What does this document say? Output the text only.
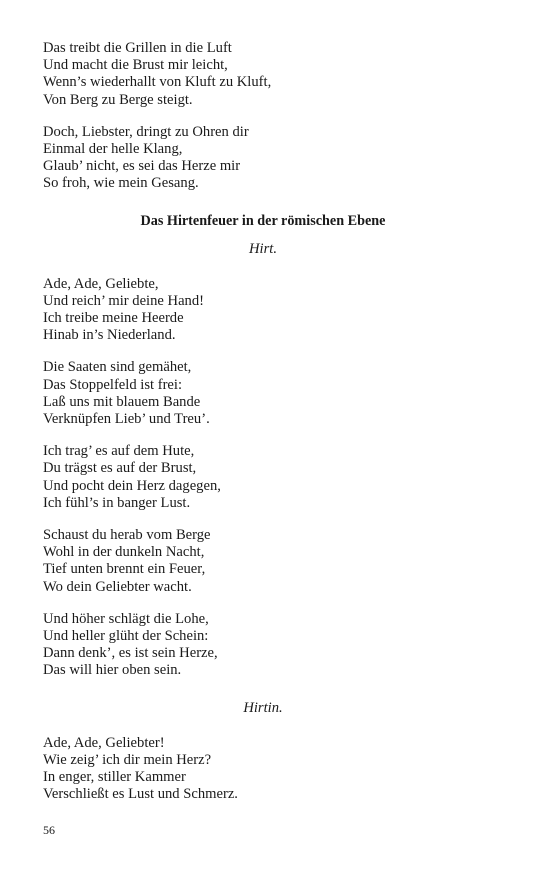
Das treibt die Grillen in die Luft
Und macht die Brust mir leicht,
Wenn’s wiederhallt von Kluft zu Kluft,
Von Berg zu Berge steigt.
Doch, Liebster, dringt zu Ohren dir
Einmal der helle Klang,
Glaub’ nicht, es sei das Herze mir
So froh, wie mein Gesang.
Das Hirtenfeuer in der römischen Ebene
Hirt.
Ade, Ade, Geliebte,
Und reich’ mir deine Hand!
Ich treibe meine Heerde
Hinab in’s Niederland.
Die Saaten sind gemähet,
Das Stoppelfeld ist frei:
Laß uns mit blauem Bande
Verknüpfen Lieb’ und Treu’.
Ich trag’ es auf dem Hute,
Du trägst es auf der Brust,
Und pocht dein Herz dagegen,
Ich fühl’s in banger Lust.
Schaust du herab vom Berge
Wohl in der dunkeln Nacht,
Tief unten brennt ein Feuer,
Wo dein Geliebter wacht.
Und höher schlägt die Lohe,
Und heller glüht der Schein:
Dann denk’, es ist sein Herze,
Das will hier oben sein.
Hirtin.
Ade, Ade, Geliebter!
Wie zeig’ ich dir mein Herz?
In enger, stiller Kammer
Verschließt es Lust und Schmerz.
56
